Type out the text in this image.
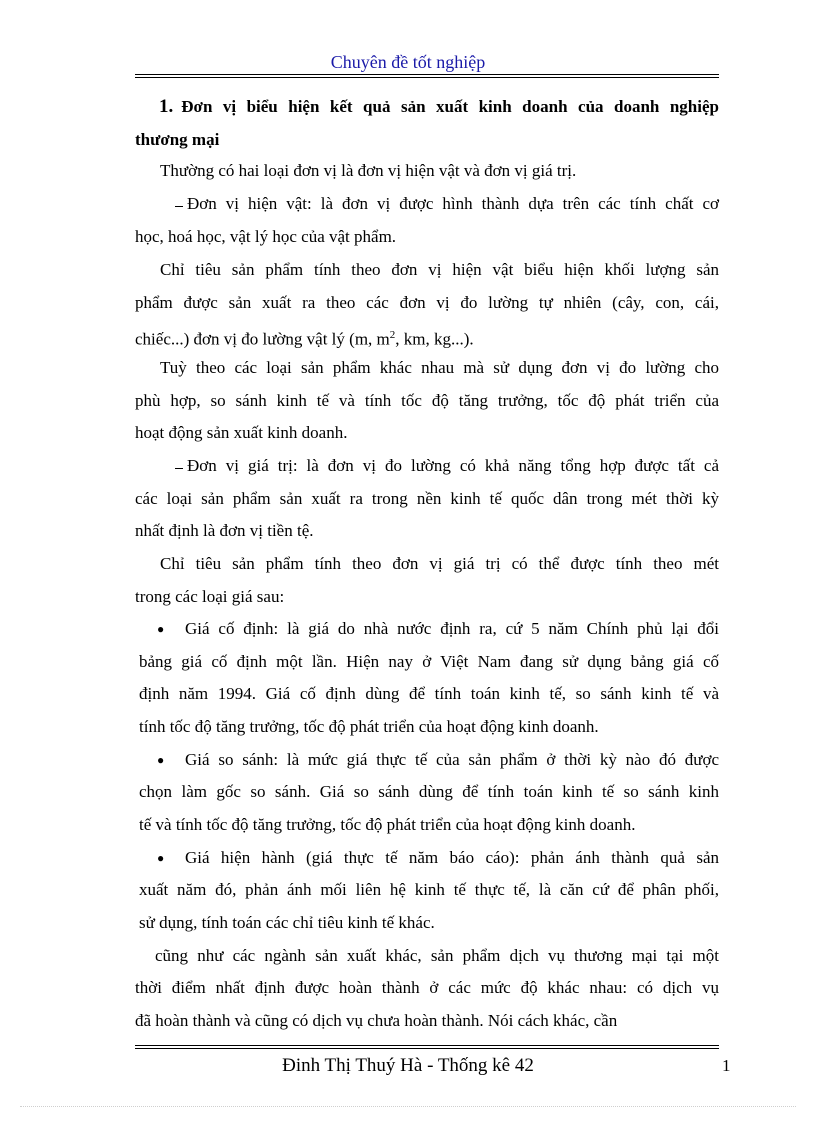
Chuyên đề tốt nghiệp
1. Đơn vị biểu hiện kết quả sản xuất kinh doanh của doanh nghiệp
thương mại
Thường có hai loại đơn vị là đơn vị hiện vật và đơn vị giá trị.
Đơn vị hiện vật: là đơn vị được hình thành dựa trên các tính chất cơ
học, hoá học, vật lý học của vật phẩm.
Chỉ tiêu sản phẩm tính theo đơn vị hiện vật biểu hiện khối lượng sản
phẩm được sản xuất ra theo các đơn vị đo lường tự nhiên (cây, con, cái,
chiếc...) đơn vị đo lường vật lý (m, $m^2$, km, kg...).
Tuỳ theo các loại sản phẩm khác nhau mà sử dụng đơn vị đo lường cho
phù hợp, so sánh kinh tế và tính tốc độ tăng trưởng, tốc độ phát triển của
hoạt động sản xuất kinh doanh.
Đơn vị giá trị: là đơn vị đo lường có khả năng tổng hợp được tất cả
các loại sản phẩm sản xuất ra trong nền kinh tế quốc dân trong mét thời kỳ
nhất định là đơn vị tiền tệ.
Chỉ tiêu sản phẩm tính theo đơn vị giá trị có thể được tính theo mét
trong các loại giá sau:
● Giá cố định: là giá do nhà nước định ra, cứ 5 năm Chính phủ lại đổi
bảng giá cố định một lần. Hiện nay ở Việt Nam đang sử dụng bảng giá cố
định năm 1994. Giá cố định dùng để tính toán kinh tế, so sánh kinh tế và
tính tốc độ tăng trưởng, tốc độ phát triển của hoạt động kinh doanh.
● Giá so sánh: là mức giá thực tế của sản phẩm ở thời kỳ nào đó được
chọn làm gốc so sánh. Giá so sánh dùng để tính toán kinh tế so sánh kinh
tế và tính tốc độ tăng trưởng, tốc độ phát triển của hoạt động kinh doanh.
● Giá hiện hành (giá thực tế năm báo cáo): phản ánh thành quả sản
xuất năm đó, phản ánh mối liên hệ kinh tế thực tế, là căn cứ để phân phối,
sử dụng, tính toán các chỉ tiêu kinh tế khác.
cũng như các ngành sản xuất khác, sản phẩm dịch vụ thương mại tại một
thời điểm nhất định được hoàn thành ở các mức độ khác nhau: có dịch vụ
đã hoàn thành và cũng có dịch vụ chưa hoàn thành. Nói cách khác, cần
Đinh Thị Thuý Hà - Thống kê 42	1
